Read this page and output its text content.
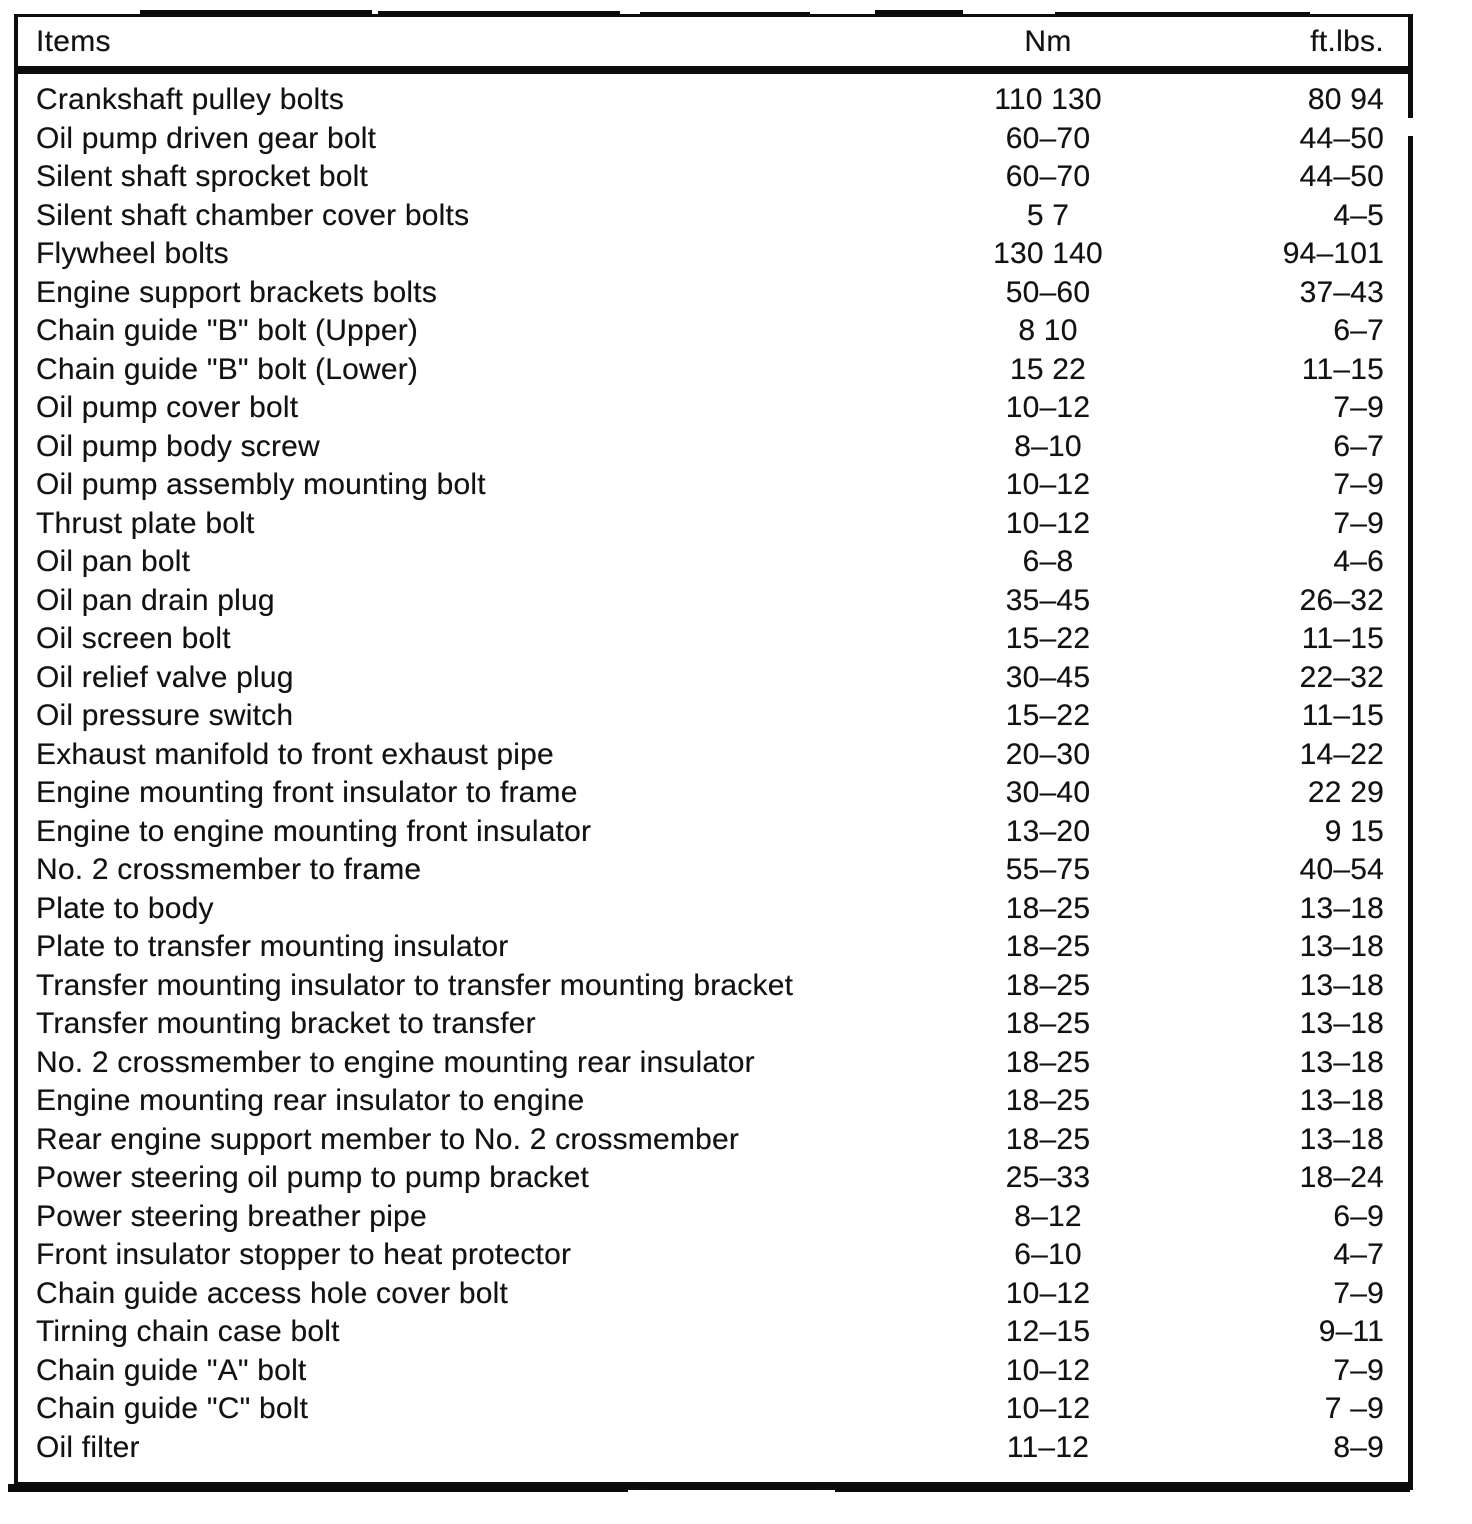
Items	Nm	ft.lbs.
Crankshaft pulley bolts	110 130	80 94
Oil pump driven gear bolt	60–70	44–50
Silent shaft sprocket bolt	60–70	44–50
Silent shaft chamber cover bolts	5 7	4–5
Flywheel bolts	130 140	94–101
Engine support brackets bolts	50–60	37–43
Chain guide "B" bolt (Upper)	8 10	6–7
Chain guide "B" bolt (Lower)	15 22	11–15
Oil pump cover bolt	10–12	7–9
Oil pump body screw	8–10	6–7
Oil pump assembly mounting bolt	10–12	7–9
Thrust plate bolt	10–12	7–9
Oil pan bolt	6–8	4–6
Oil pan drain plug	35–45	26–32
Oil screen bolt	15–22	11–15
Oil relief valve plug	30–45	22–32
Oil pressure switch	15–22	11–15
Exhaust manifold to front exhaust pipe	20–30	14–22
Engine mounting front insulator to frame	30–40	22 29
Engine to engine mounting front insulator	13–20	9 15
No. 2 crossmember to frame	55–75	40–54
Plate to body	18–25	13–18
Plate to transfer mounting insulator	18–25	13–18
Transfer mounting insulator to transfer mounting bracket	18–25	13–18
Transfer mounting bracket to transfer	18–25	13–18
No. 2 crossmember to engine mounting rear insulator	18–25	13–18
Engine mounting rear insulator to engine	18–25	13–18
Rear engine support member to No. 2 crossmember	18–25	13–18
Power steering oil pump to pump bracket	25–33	18–24
Power steering breather pipe	8–12	6–9
Front insulator stopper to heat protector	6–10	4–7
Chain guide access hole cover bolt	10–12	7–9
Tirning chain case bolt	12–15	9–11
Chain guide "A" bolt	10–12	7–9
Chain guide "C" bolt	10–12	7 –9
Oil filter	11–12	8–9
